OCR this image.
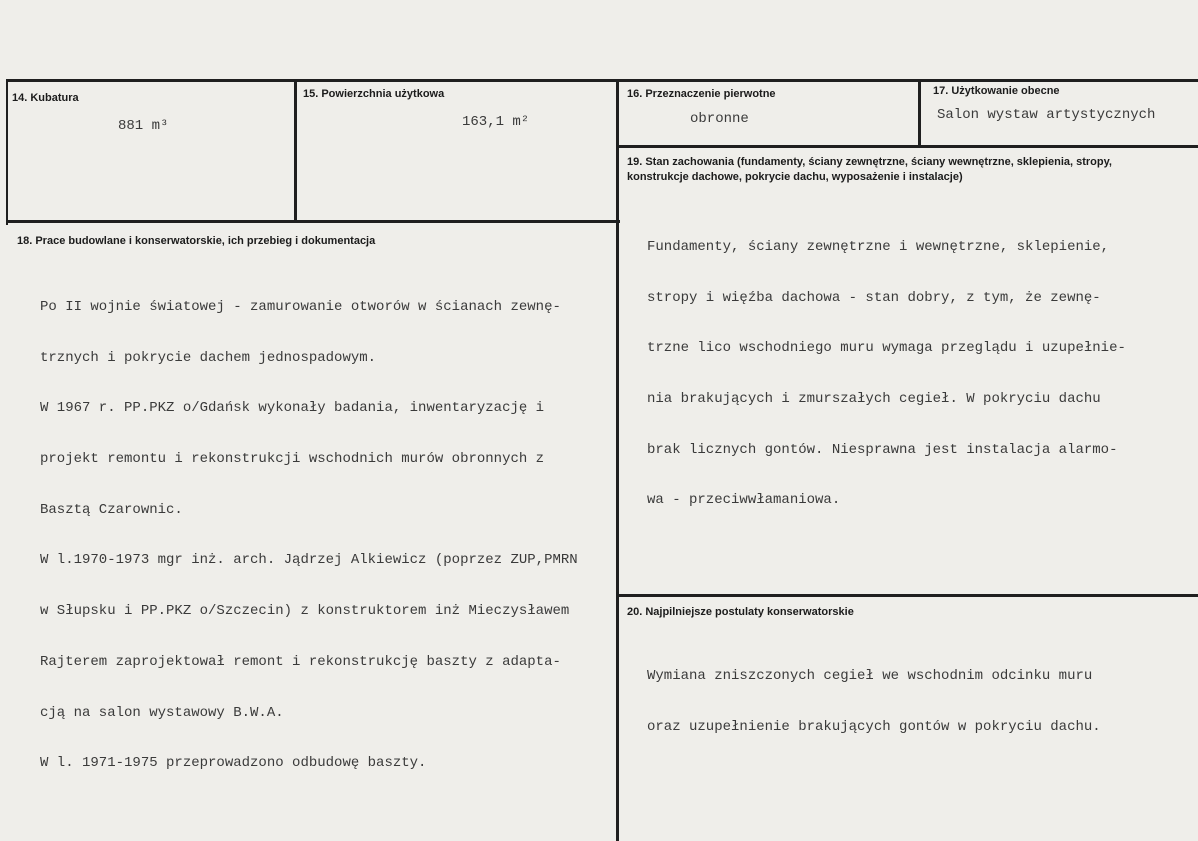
14. Kubatura
881 m³
15. Powierzchnia użytkowa
163,1 m²
16. Przeznaczenie pierwotne
obronne
17. Użytkowanie obecne
Salon wystaw artystycznych
19. Stan zachowania (fundamenty, ściany zewnętrzne, ściany wewnętrzne, sklepienia, stropy, konstrukcje dachowe, pokrycie dachu, wyposażenie i instalacje)

Fundamenty, ściany zewnętrzne i wewnętrzne, sklepienie,

stropy i więźba dachowa - stan dobry, z tym, że zewnę-

trzne lico wschodniego muru wymaga przeglądu i uzupełnie-

nia brakujących i zmurszałych cegieł. W pokryciu dachu

brak licznych gontów. Niesprawna jest instalacja alarmo-

wa - przeciwwłamaniowa.

18. Prace budowlane i konserwatorskie, ich przebieg i dokumentacja

Po II wojnie światowej - zamurowanie otworów w ścianach zewnę-

trznych i pokrycie dachem jednospadowym.

W 1967 r. PP.PKZ o/Gdańsk wykonały badania, inwentaryzację i

projekt remontu i rekonstrukcji wschodnich murów obronnych z

Basztą Czarownic.

W l.1970-1973 mgr inż. arch. Jądrzej Alkiewicz (poprzez ZUP,PMRN

w Słupsku i PP.PKZ o/Szczecin) z konstruktorem inż Mieczysławem

Rajterem zaprojektował remont i rekonstrukcję baszty z adapta-

cją na salon wystawowy B.W.A.

W l. 1971-1975 przeprowadzono odbudowę baszty.

20. Najpilniejsze postulaty konserwatorskie

Wymiana zniszczonych cegieł we wschodnim odcinku muru

oraz uzupełnienie brakujących gontów w pokryciu dachu.
